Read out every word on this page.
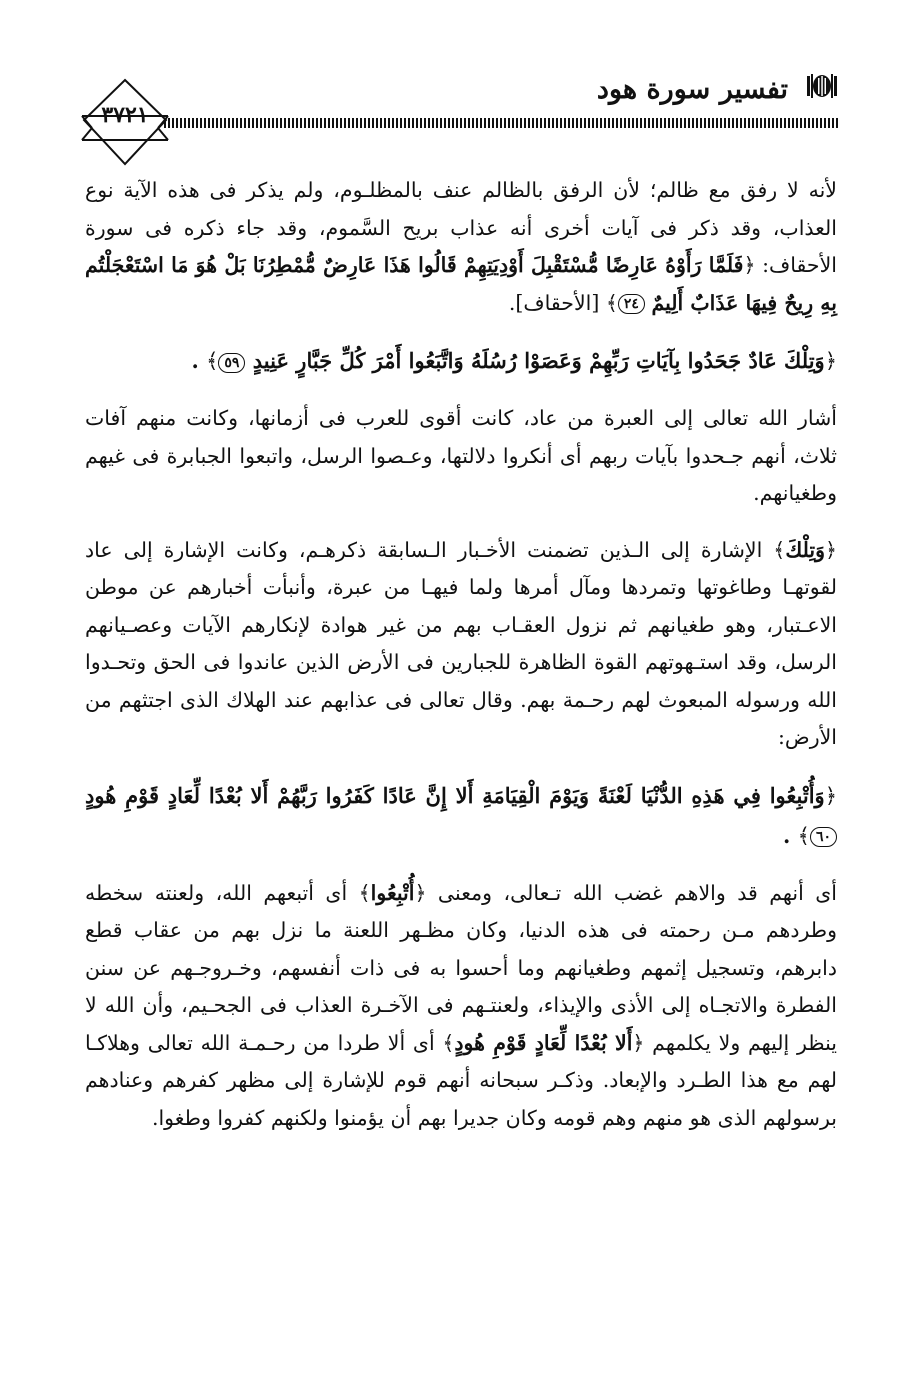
تفسير سورة هود
٣٧٢١

لأنه لا رفق مع ظالم؛ لأن الرفق بالظالم عنف بالمظلـوم، ولم يذكر فى هذه الآية نوع العذاب، وقد ذكر فى آيات أخرى أنه عذاب بريح السَّموم، وقد جاء ذكره فى سورة الأحقاف: ﴿فَلَمَّا رَأَوْهُ عَارِضًا مُّسْتَقْبِلَ أَوْدِيَتِهِمْ قَالُوا هَذَا عَارِضٌ مُّمْطِرُنَا بَلْ هُوَ مَا اسْتَعْجَلْتُم بِهِ رِيحٌ فِيهَا عَذَابٌ أَلِيمٌ ٢٤﴾ [الأحقاف].

﴿وَتِلْكَ عَادٌ جَحَدُوا بِآيَاتِ رَبِّهِمْ وَعَصَوْا رُسُلَهُ وَاتَّبَعُوا أَمْرَ كُلِّ جَبَّارٍ عَنِيدٍ ٥٩﴾ .

أشار الله تعالى إلى العبرة من عاد، كانت أقوى للعرب فى أزمانها، وكانت منهم آفات ثلاث، أنهم جـحدوا بآيات ربهم أى أنكروا دلالتها، وعـصوا الرسل، واتبعوا الجبابرة فى غيهم وطغيانهم.

﴿وَتِلْكَ﴾ الإشارة إلى الـذين تضمنت الأخـبار الـسابقة ذكرهـم، وكانت الإشارة إلى عاد لقوتهـا وطاغوتها وتمردها ومآل أمرها ولما فيهـا من عبرة، وأنبأت أخبارهم عن موطن الاعـتبار، وهو طغيانهم ثم نزول العقـاب بهم من غير هوادة لإنكارهم الآيات وعصـيانهم الرسل، وقد استـهوتهم القوة الظاهرة للجبارين فى الأرض الذين عاندوا فى الحق وتحـدوا الله ورسوله المبعوث لهم رحـمة بهم. وقال تعالى فى عذابهم عند الهلاك الذى اجتثهم من الأرض:

﴿وَأُتْبِعُوا فِي هَذِهِ الدُّنْيَا لَعْنَةً وَيَوْمَ الْقِيَامَةِ أَلا إِنَّ عَادًا كَفَرُوا رَبَّهُمْ أَلا بُعْدًا لِّعَادٍ قَوْمِ هُودٍ ٦٠﴾ .

أى أنهم قد والاهم غضب الله تـعالى، ومعنى ﴿أُتْبِعُوا﴾ أى أتبعهم الله، ولعنته سخطه وطردهم مـن رحمته فى هذه الدنيا، وكان مظـهر اللعنة ما نزل بهم من عقاب قطع دابرهم، وتسجيل إثمهم وطغيانهم وما أحسوا به فى ذات أنفسهم، وخـروجـهم عن سنن الفطرة والاتجـاه إلى الأذى والإيذاء، ولعنتـهم فى الآخـرة العذاب فى الجحـيم، وأن الله لا ينظر إليهم ولا يكلمهم ﴿أَلا بُعْدًا لِّعَادٍ قَوْمِ هُودٍ﴾ أى ألا طردا من رحـمـة الله تعالى وهلاكـا لهم مع هذا الطـرد والإبعاد. وذكـر سبحانه أنهم قوم للإشارة إلى مظهر كفرهم وعنادهم برسولهم الذى هو منهم وهم قومه وكان جديرا بهم أن يؤمنوا ولكنهم كفروا وطغوا.
